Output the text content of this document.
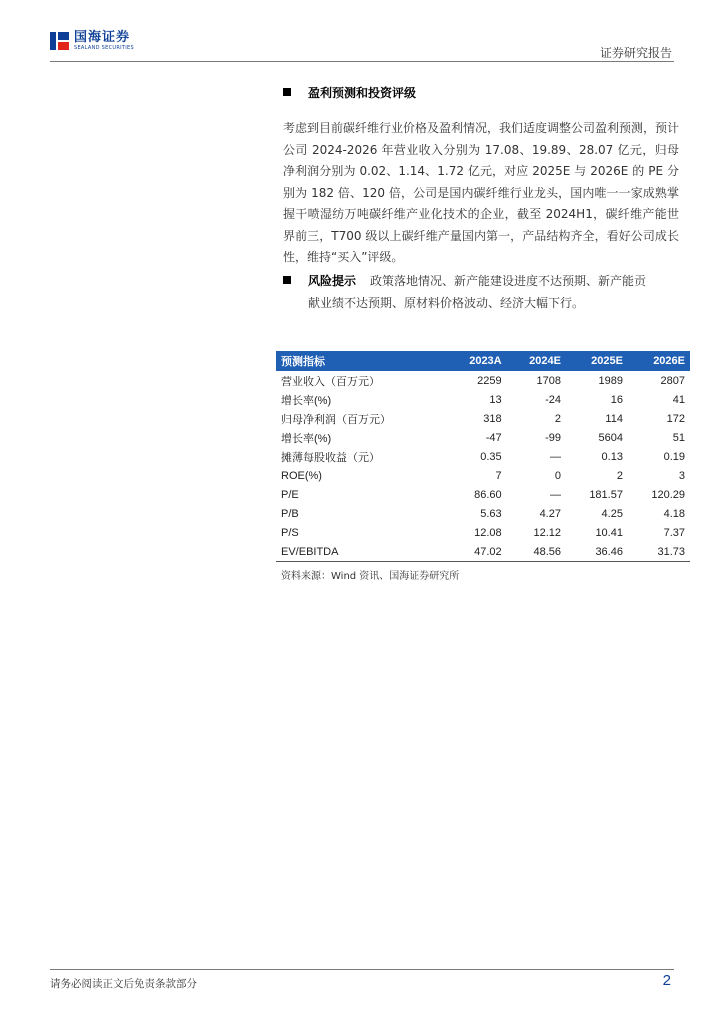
国海证券
SEALAND SECURITIES	证券研究报告
盈利预测和投资评级
考虑到目前碳纤维行业价格及盈利情况，我们适度调整公司盈利预测，预计公司 2024-2026 年营业收入分别为 17.08、19.89、28.07 亿元，归母净利润分别为 0.02、1.14、1.72 亿元，对应 2025E 与 2026E 的 PE 分别为 182 倍、120 倍，公司是国内碳纤维行业龙头，国内唯一一家成熟掌握干喷湿纺万吨碳纤维产业化技术的企业，截至 2024H1，碳纤维产能世界前三，T700 级以上碳纤维产量国内第一，产品结构齐全，看好公司成长性，维持“买入”评级。
风险提示 政策落地情况、新产能建设进度不达预期、新产能贡
献业绩不达预期、原材料价格波动、经济大幅下行。
预测指标	2023A	2024E	2025E	2026E
营业收入（百万元）	2259	1708	1989	2807
增长率(%)	13	-24	16	41
归母净利润（百万元）	318	2	114	172
增长率(%)	-47	-99	5604	51
摊薄每股收益（元）	0.35	—	0.13	0.19
ROE(%)	7	0	2	3
P/E	86.60	—	181.57	120.29
P/B	5.63	4.27	4.25	4.18
P/S	12.08	12.12	10.41	7.37
EV/EBITDA	47.02	48.56	36.46	31.73
资料来源：Wind 资讯、国海证券研究所
请务必阅读正文后免责条款部分	2
